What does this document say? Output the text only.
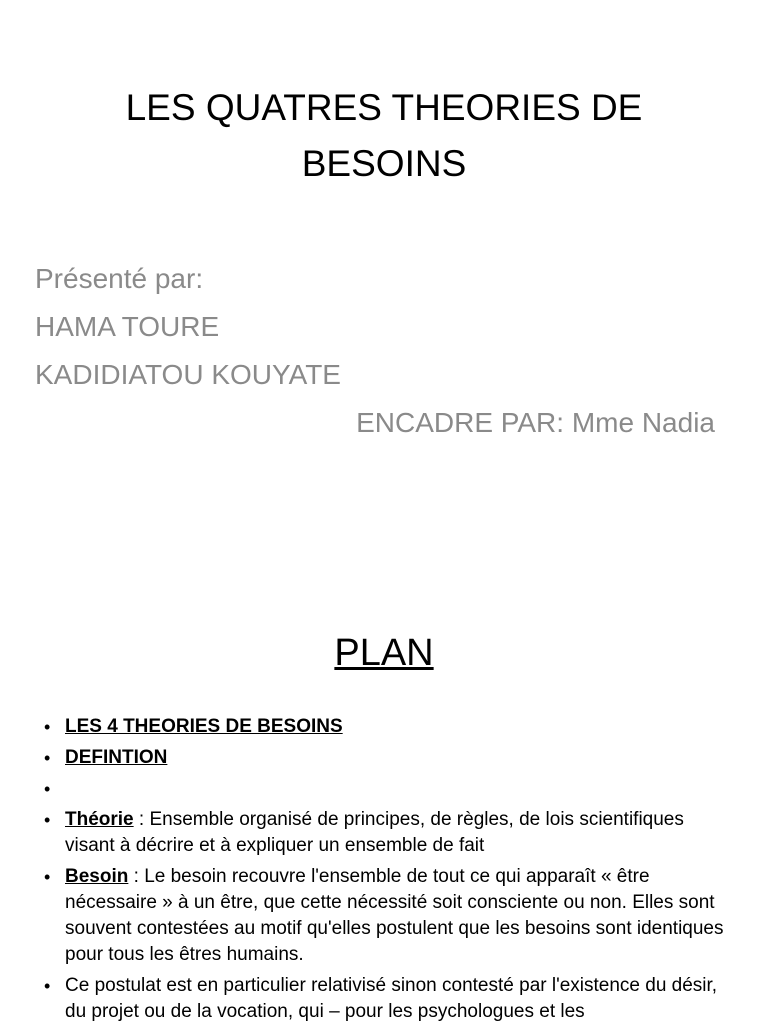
LES QUATRES THEORIES DE
BESOINS
Présenté par:
HAMA TOURE
KADIDIATOU KOUYATE
ENCADRE PAR: Mme Nadia
PLAN
• LES 4 THEORIES DE BESOINS
• DEFINTION
•
• Théorie : Ensemble organisé de principes, de règles, de lois scientifiques visant à décrire et à expliquer un ensemble de fait
• Besoin : Le besoin recouvre l'ensemble de tout ce qui apparaît « être nécessaire » à un être, que cette nécessité soit consciente ou non. Elles sont souvent contestées au motif qu'elles postulent que les besoins sont identiques pour tous les êtres humains.
• Ce postulat est en particulier relativisé sinon contesté par l'existence du désir, du projet ou de la vocation, qui – pour les psychologues et les
